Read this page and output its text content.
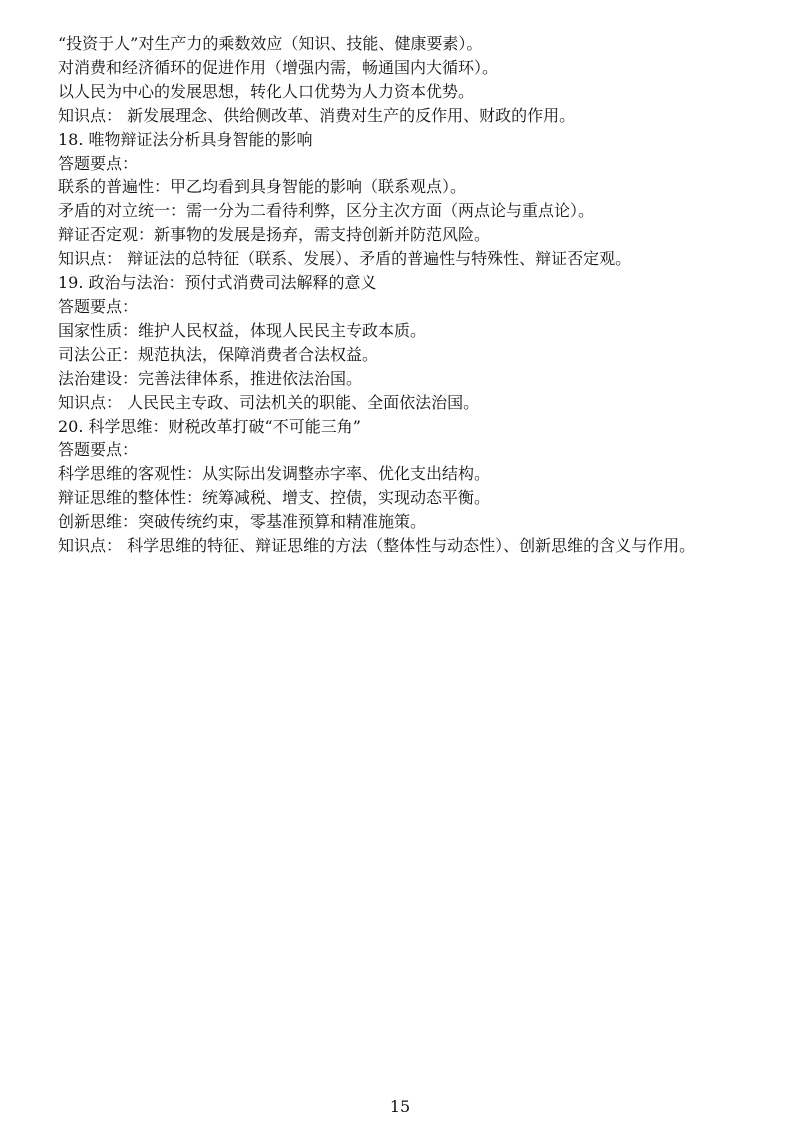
“投资于人”对生产力的乘数效应（知识、技能、健康要素）。
对消费和经济循环的促进作用（增强内需，畅通国内大循环）。
以人民为中心的发展思想，转化人口优势为人力资本优势。
知识点： 新发展理念、供给侧改革、消费对生产的反作用、财政的作用。
18. 唯物辩证法分析具身智能的影响
答题要点：
联系的普遍性：甲乙均看到具身智能的影响（联系观点）。
矛盾的对立统一：需一分为二看待利弊，区分主次方面（两点论与重点论）。
辩证否定观：新事物的发展是扬弃，需支持创新并防范风险。
知识点： 辩证法的总特征（联系、发展）、矛盾的普遍性与特殊性、辩证否定观。
19. 政治与法治：预付式消费司法解释的意义
答题要点：
国家性质：维护人民权益，体现人民民主专政本质。
司法公正：规范执法，保障消费者合法权益。
法治建设：完善法律体系，推进依法治国。
知识点： 人民民主专政、司法机关的职能、全面依法治国。
20. 科学思维：财税改革打破“不可能三角”
答题要点：
科学思维的客观性：从实际出发调整赤字率、优化支出结构。
辩证思维的整体性：统筹减税、增支、控债，实现动态平衡。
创新思维：突破传统约束，零基准预算和精准施策。
知识点： 科学思维的特征、辩证思维的方法（整体性与动态性）、创新思维的含义与作用。
15
